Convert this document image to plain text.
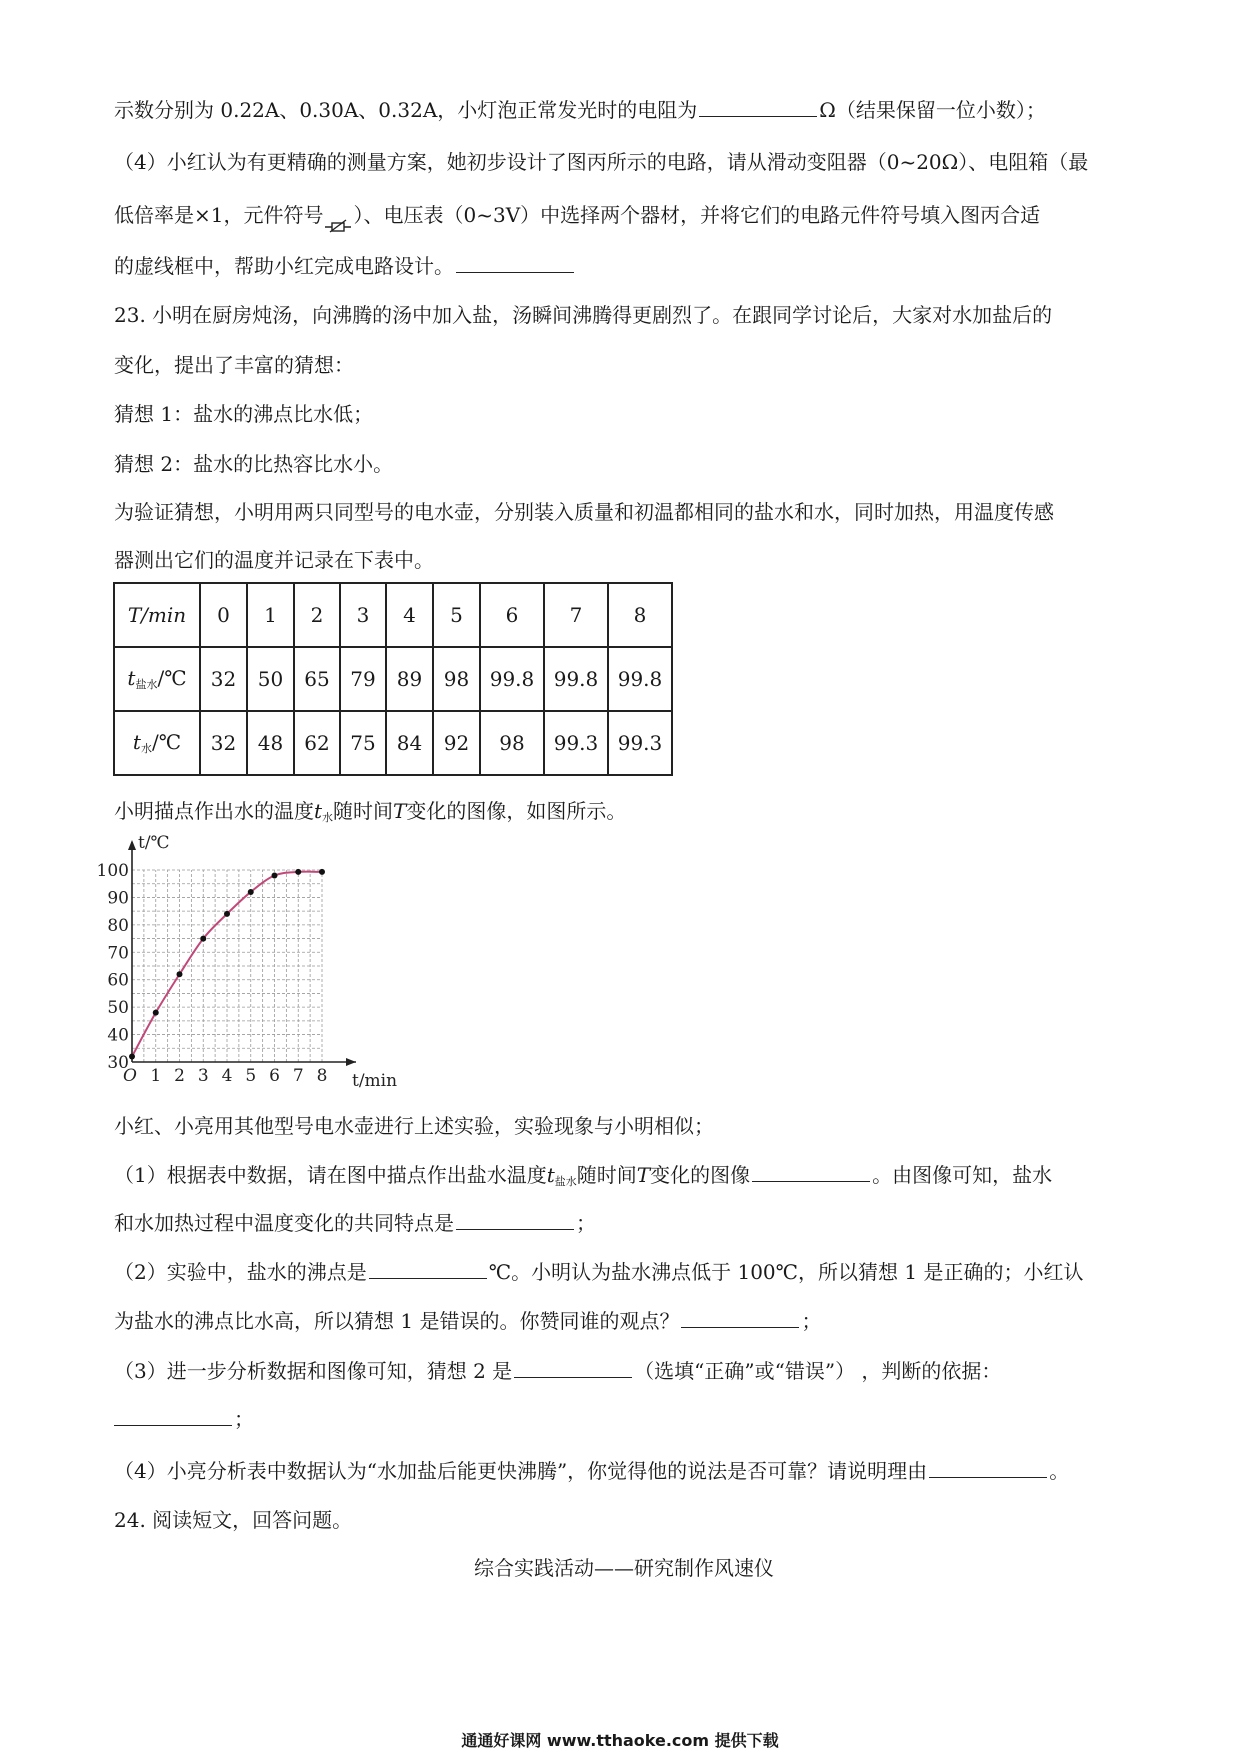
示数分别为 0.22A、0.30A、0.32A，小灯泡正常发光时的电阻为	Ω（结果保留一位小数）；
（4）小红认为有更精确的测量方案，她初步设计了图丙所示的电路，请从滑动变阻器（0~20Ω）、电阻箱（最
低倍率是×1，元件符号 ）、电压表（0~3V）中选择两个器材，并将它们的电路元件符号填入图丙合适
的虚线框中，帮助小红完成电路设计。
23. 小明在厨房炖汤，向沸腾的汤中加入盐，汤瞬间沸腾得更剧烈了。在跟同学讨论后，大家对水加盐后的
变化，提出了丰富的猜想：
猜想 1：盐水的沸点比水低；
猜想 2：盐水的比热容比水小。
为验证猜想，小明用两只同型号的电水壶，分别装入质量和初温都相同的盐水和水，同时加热，用温度传感
器测出它们的温度并记录在下表中。
T/min	0	1	2	3	4	5	6	7	8
$t_{盐水}/℃$	32	50	65	79	89	98	99.8	99.8	99.8
$t_水/℃$	32	48	62	75	84	92	98	99.3	99.3
小明描点作出水的温度$t_水$随时间T变化的图像，如图所示。
1 2 3 4 5 6 7 8
30
40
50
60
70
80
90
100
O
t/℃
t/min
小红、小亮用其他型号电水壶进行上述实验，实验现象与小明相似；
（1）根据表中数据，请在图中描点作出盐水温度$t_{盐水}$随时间T变化的图像	。由图像可知，盐水
和水加热过程中温度变化的共同特点是	；
（2）实验中，盐水的沸点是	℃。小明认为盐水沸点低于 100℃，所以猜想 1 是正确的；小红认
为盐水的沸点比水高，所以猜想 1 是错误的。你赞同谁的观点？	；
（3）进一步分析数据和图像可知，猜想 2 是	（选填“正确”或“错误”） ，判断的依据：
；
（4）小亮分析表中数据认为“水加盐后能更快沸腾”，你觉得他的说法是否可靠？请说明理由	。
24. 阅读短文，回答问题。
综合实践活动——研究制作风速仪
通通好课网 www.tthaoke.com 提供下载
